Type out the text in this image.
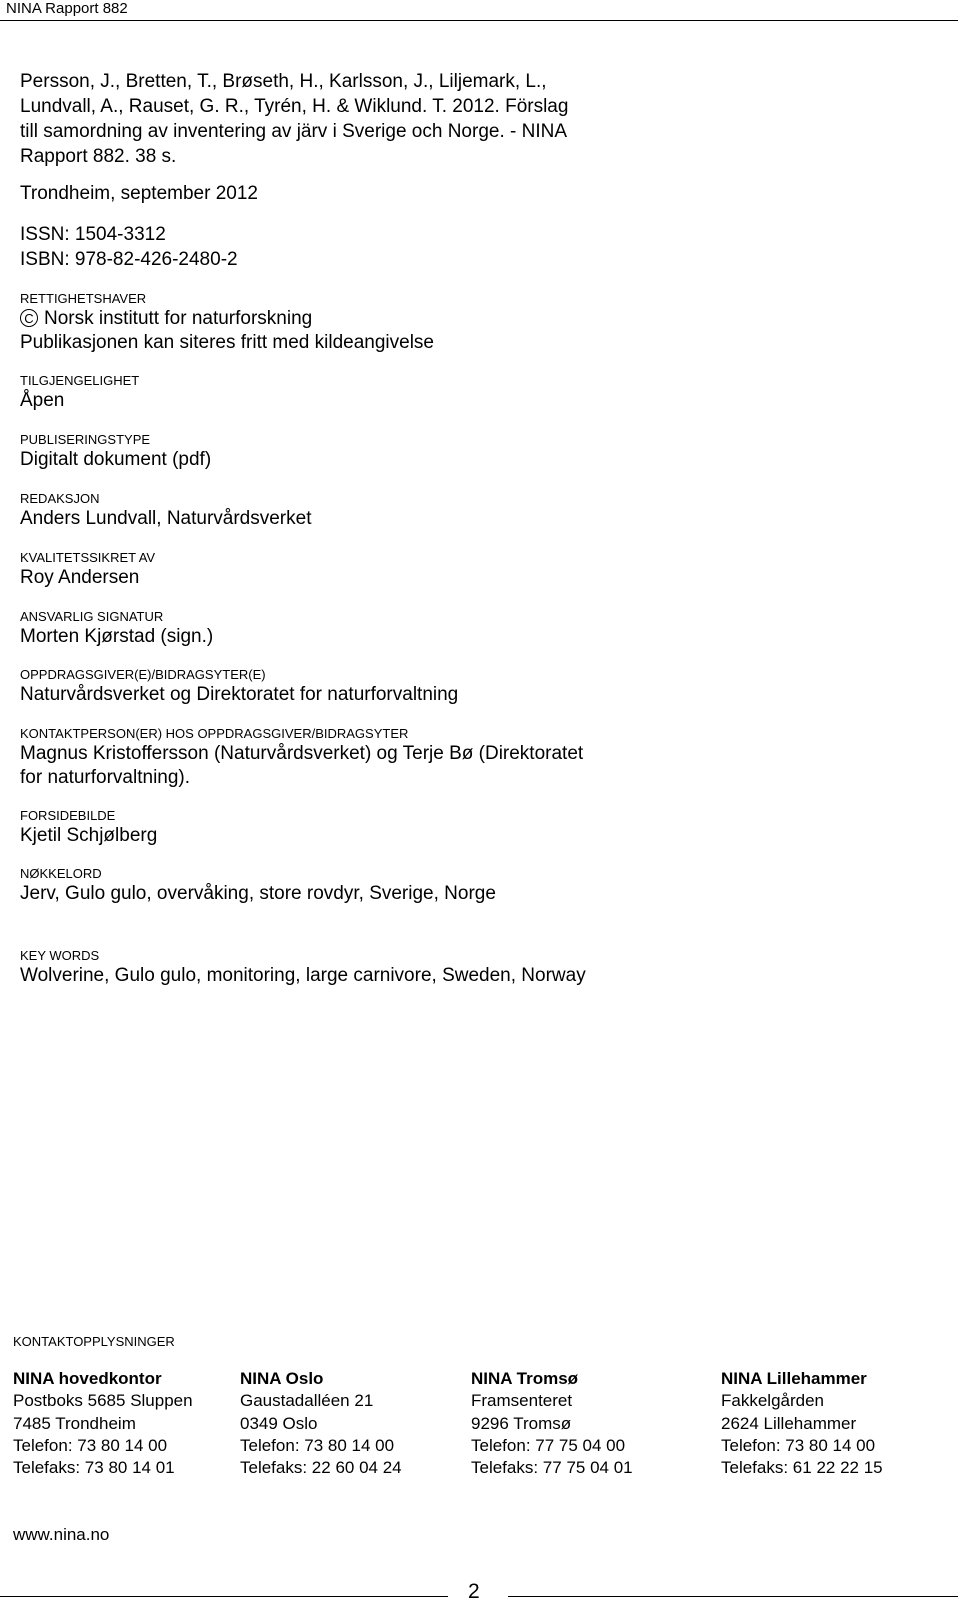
NINA Rapport 882
Persson, J., Bretten, T., Brøseth, H., Karlsson, J., Liljemark, L.,
Lundvall, A., Rauset, G. R., Tyrén, H. & Wiklund. T. 2012. Förslag
till samordning av inventering av järv i Sverige och Norge. - NINA
Rapport 882. 38 s.
Trondheim, september 2012
ISSN: 1504-3312
ISBN: 978-82-426-2480-2
RETTIGHETSHAVER
C Norsk institutt for naturforskning
Publikasjonen kan siteres fritt med kildeangivelse
TILGJENGELIGHET
Åpen
PUBLISERINGSTYPE
Digitalt dokument (pdf)
REDAKSJON
Anders Lundvall, Naturvårdsverket
KVALITETSSIKRET AV
Roy Andersen
ANSVARLIG SIGNATUR
Morten Kjørstad (sign.)
OPPDRAGSGIVER(E)/BIDRAGSYTER(E)
Naturvårdsverket og Direktoratet for naturforvaltning
KONTAKTPERSON(ER) HOS OPPDRAGSGIVER/BIDRAGSYTER
Magnus Kristoffersson (Naturvårdsverket) og Terje Bø (Direktoratet
for naturforvaltning).
FORSIDEBILDE
Kjetil Schjølberg
NØKKELORD
Jerv, Gulo gulo, overvåking, store rovdyr, Sverige, Norge
KEY WORDS
Wolverine, Gulo gulo, monitoring, large carnivore, Sweden, Norway
KONTAKTOPPLYSNINGER
NINA hovedkontor
Postboks 5685 Sluppen
7485 Trondheim
Telefon: 73 80 14 00
Telefaks: 73 80 14 01
NINA Oslo
Gaustadalléen 21
0349 Oslo
Telefon: 73 80 14 00
Telefaks: 22 60 04 24
NINA Tromsø
Framsenteret
9296 Tromsø
Telefon: 77 75 04 00
Telefaks: 77 75 04 01
NINA Lillehammer
Fakkelgården
2624 Lillehammer
Telefon: 73 80 14 00
Telefaks: 61 22 22 15
www.nina.no
2
